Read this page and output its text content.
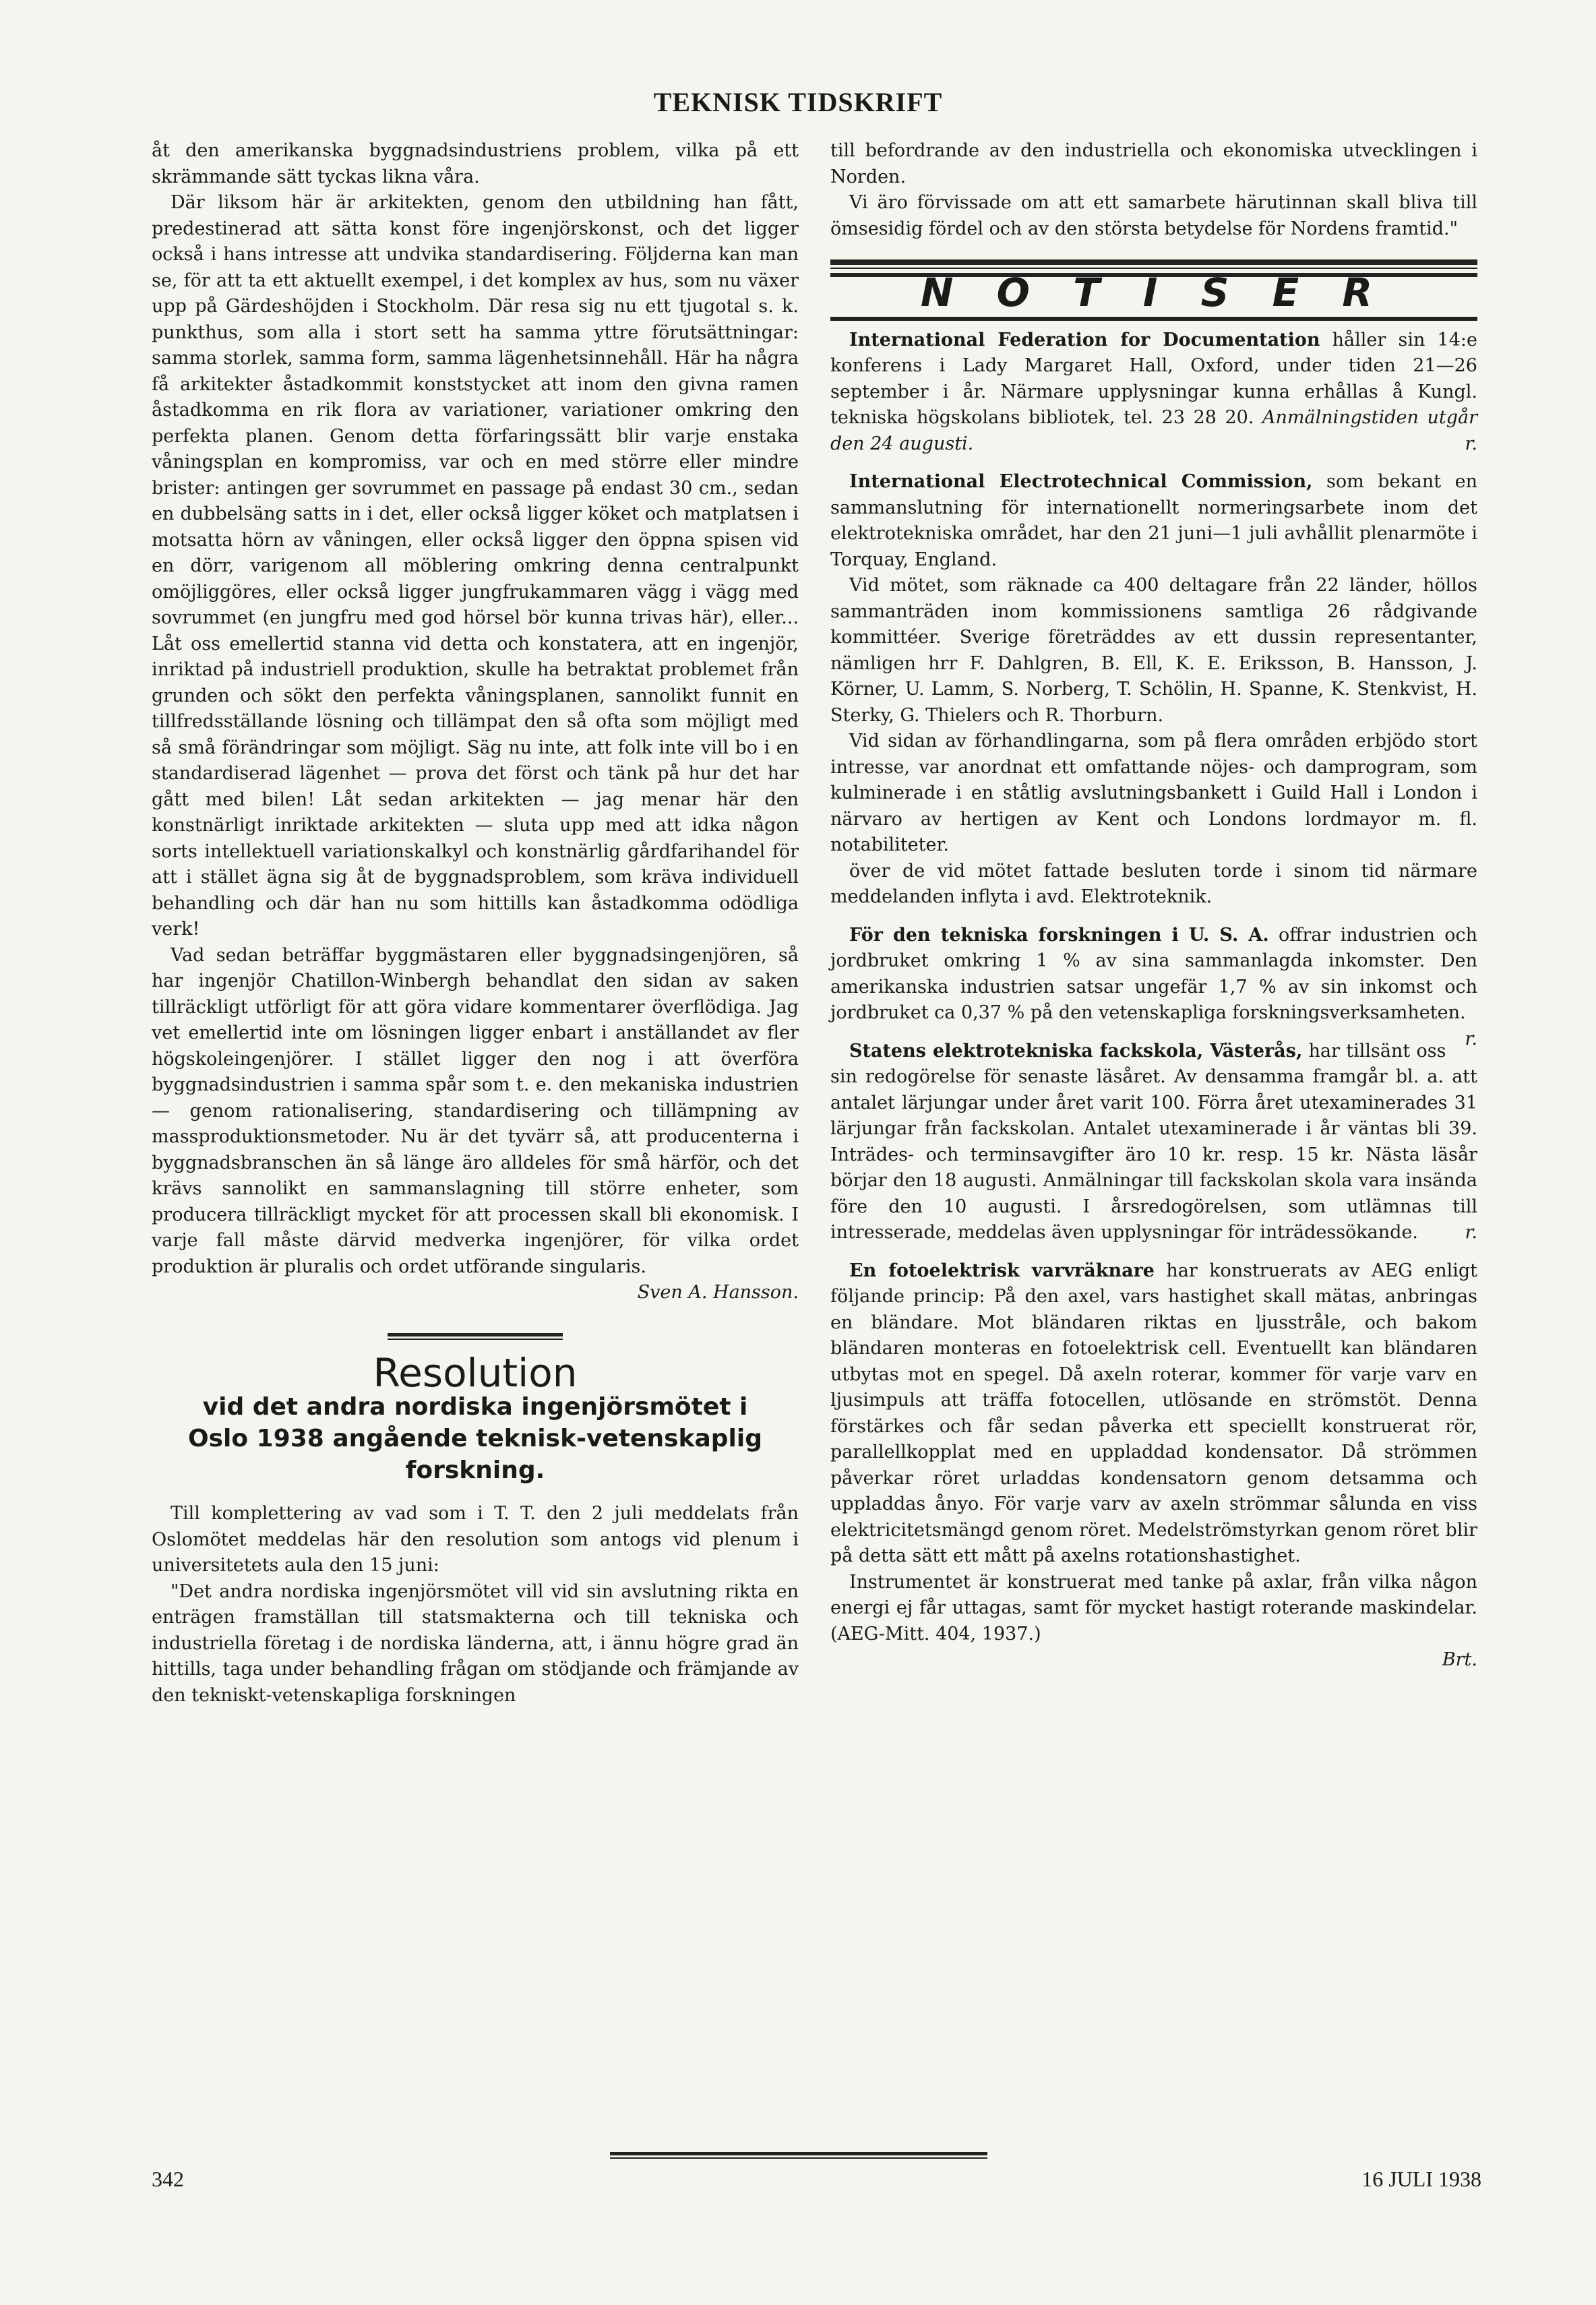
TEKNISK TIDSKRIFT

åt den amerikanska byggnadsindustriens problem, vilka på ett skrämmande sätt tyckas likna våra.

Där liksom här är arkitekten, genom den utbildning han fått, predestinerad att sätta konst före ingenjörskonst, och det ligger också i hans intresse att undvika standardisering. Följderna kan man se, för att ta ett aktuellt exempel, i det komplex av hus, som nu växer upp på Gärdeshöjden i Stockholm. Där resa sig nu ett tjugotal s. k. punkthus, som alla i stort sett ha samma yttre förutsättningar: samma storlek, samma form, samma lägenhetsinnehåll. Här ha några få arkitekter åstadkommit konststycket att inom den givna ramen åstadkomma en rik flora av variationer, variationer omkring den perfekta planen. Genom detta förfaringssätt blir varje enstaka våningsplan en kompromiss, var och en med större eller mindre brister: antingen ger sovrummet en passage på endast 30 cm., sedan en dubbelsäng satts in i det, eller också ligger köket och matplatsen i motsatta hörn av våningen, eller också ligger den öppna spisen vid en dörr, varigenom all möblering omkring denna centralpunkt omöjliggöres, eller också ligger jungfrukammaren vägg i vägg med sovrummet (en jungfru med god hörsel bör kunna trivas här), eller... Låt oss emellertid stanna vid detta och konstatera, att en ingenjör, inriktad på industriell produktion, skulle ha betraktat problemet från grunden och sökt den perfekta våningsplanen, sannolikt funnit en tillfredsställande lösning och tillämpat den så ofta som möjligt med så små förändringar som möjligt. Säg nu inte, att folk inte vill bo i en standardiserad lägenhet — prova det först och tänk på hur det har gått med bilen! Låt sedan arkitekten — jag menar här den konstnärligt inriktade arkitekten — sluta upp med att idka någon sorts intellektuell variationskalkyl och konstnärlig gårdfarihandel för att i stället ägna sig åt de byggnadsproblem, som kräva individuell behandling och där han nu som hittills kan åstadkomma odödliga verk!

Vad sedan beträffar byggmästaren eller byggnadsingenjören, så har ingenjör Chatillon-Winbergh behandlat den sidan av saken tillräckligt utförligt för att göra vidare kommentarer överflödiga. Jag vet emellertid inte om lösningen ligger enbart i anställandet av fler högskoleingenjörer. I stället ligger den nog i att överföra byggnadsindustrien i samma spår som t. e. den mekaniska industrien — genom rationalisering, standardisering och tillämpning av massproduktionsmetoder. Nu är det tyvärr så, att producenterna i byggnadsbranschen än så länge äro alldeles för små härför, och det krävs sannolikt en sammanslagning till större enheter, som producera tillräckligt mycket för att processen skall bli ekonomisk. I varje fall måste därvid medverka ingenjörer, för vilka ordet produktion är pluralis och ordet utförande singularis.

Sven A. Hansson.
Resolution
vid det andra nordiska ingenjörsmötet i Oslo 1938 angående teknisk-vetenskaplig forskning.

Till komplettering av vad som i T. T. den 2 juli meddelats från Oslomötet meddelas här den resolution som antogs vid plenum i universitetets aula den 15 juni:

"Det andra nordiska ingenjörsmötet vill vid sin avslutning rikta en enträgen framställan till statsmakterna och till tekniska och industriella företag i de nordiska länderna, att, i ännu högre grad än hittills, taga under behandling frågan om stödjande och främjande av den tekniskt-vetenskapliga forskningen

till befordrande av den industriella och ekonomiska utvecklingen i Norden.

Vi äro förvissade om att ett samarbete härutinnan skall bliva till ömsesidig fördel och av den största betydelse för Nordens framtid."

N O T I S E R

International Federation for Documentation håller sin 14:e konferens i Lady Margaret Hall, Oxford, under tiden 21—26 september i år. Närmare upplysningar kunna erhållas å Kungl. tekniska högskolans bibliotek, tel. 23 28 20. Anmälningstiden utgår den 24 augusti.	r.

International Electrotechnical Commission, som bekant en sammanslutning för internationellt normeringsarbete inom det elektrotekniska området, har den 21 juni—1 juli avhållit plenarmöte i Torquay, England.

Vid mötet, som räknade ca 400 deltagare från 22 länder, höllos sammanträden inom kommissionens samtliga 26 rådgivande kommittéer. Sverige företräddes av ett dussin representanter, nämligen hrr F. Dahlgren, B. Ell, K. E. Eriksson, B. Hansson, J. Körner, U. Lamm, S. Norberg, T. Schölin, H. Spanne, K. Stenkvist, H. Sterky, G. Thielers och R. Thorburn.

Vid sidan av förhandlingarna, som på flera områden erbjödo stort intresse, var anordnat ett omfattande nöjes- och damprogram, som kulminerade i en ståtlig avslutningsbankett i Guild Hall i London i närvaro av hertigen av Kent och Londons lordmayor m. fl. notabiliteter.

över de vid mötet fattade besluten torde i sinom tid närmare meddelanden inflyta i avd. Elektroteknik.

För den tekniska forskningen i U. S. A. offrar industrien och jordbruket omkring 1 % av sina sammanlagda inkomster. Den amerikanska industrien satsar ungefär 1,7 % av sin inkomst och jordbruket ca 0,37 % på den vetenskapliga forskningsverksamheten.
r.

Statens elektrotekniska fackskola, Västerås, har tillsänt oss sin redogörelse för senaste läsåret. Av densamma framgår bl. a. att antalet lärjungar under året varit 100. Förra året utexaminerades 31 lärjungar från fackskolan. Antalet utexaminerade i år väntas bli 39. Inträdes- och terminsavgifter äro 10 kr. resp. 15 kr. Nästa läsår börjar den 18 augusti. Anmälningar till fackskolan skola vara insända före den 10 augusti. I årsredogörelsen, som utlämnas till intresserade, meddelas även upplysningar för inträdessökande.	r.

En fotoelektrisk varvräknare har konstruerats av AEG enligt följande princip: På den axel, vars hastighet skall mätas, anbringas en bländare. Mot bländaren riktas en ljusstråle, och bakom bländaren monteras en fotoelektrisk cell. Eventuellt kan bländaren utbytas mot en spegel. Då axeln roterar, kommer för varje varv en ljusimpuls att träffa fotocellen, utlösande en strömstöt. Denna förstärkes och får sedan påverka ett speciellt konstruerat rör, parallellkopplat med en uppladdad kondensator. Då strömmen påverkar röret urladdas kondensatorn genom detsamma och uppladdas ånyo. För varje varv av axeln strömmar sålunda en viss elektricitetsmängd genom röret. Medelströmstyrkan genom röret blir på detta sätt ett mått på axelns rotationshastighet.

Instrumentet är konstruerat med tanke på axlar, från vilka någon energi ej får uttagas, samt för mycket hastigt roterande maskindelar. (AEG-Mitt. 404, 1937.)

Brt.
342	16 JULI 1938
